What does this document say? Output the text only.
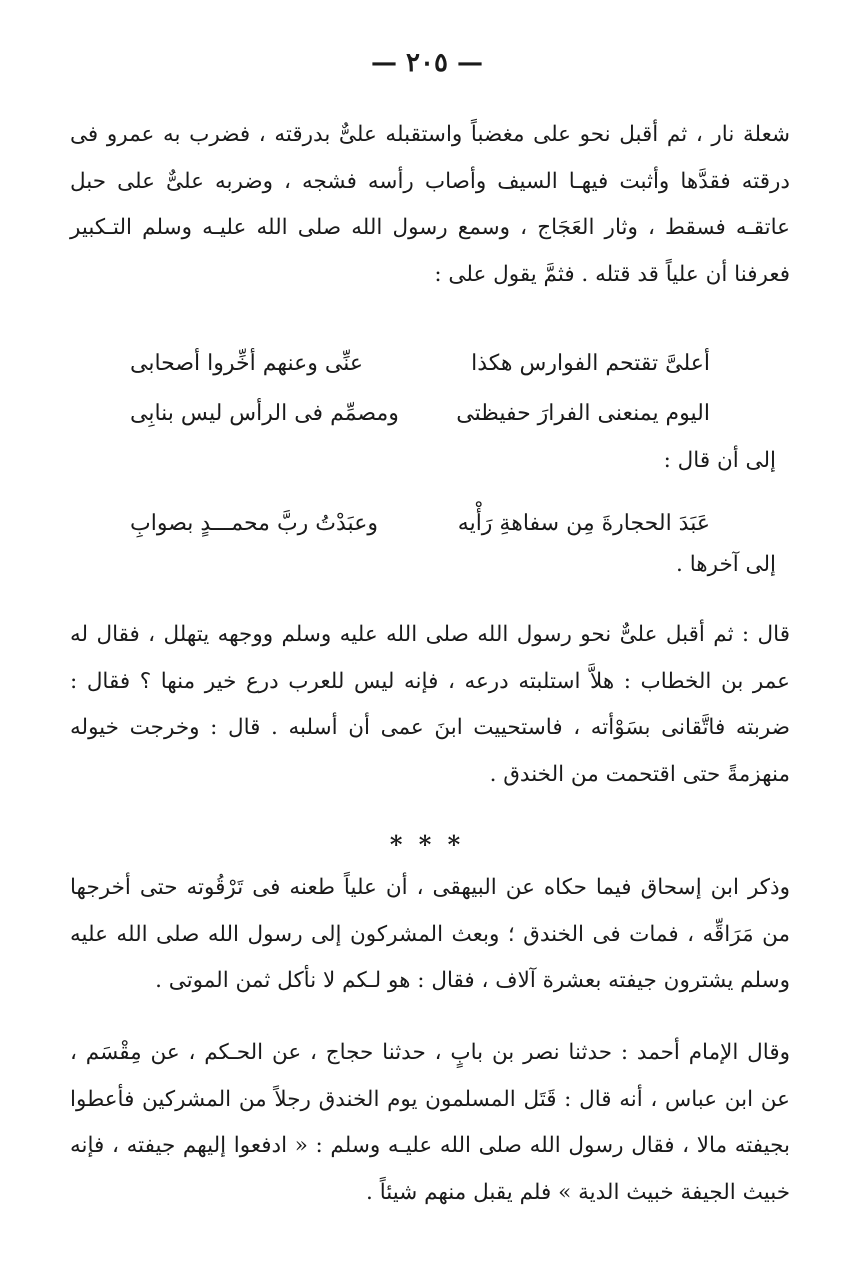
— ٢٠٥ —

شعلة نار ، ثم أقبل نحو على مغضباً واستقبله علىٌّ بدرقته ، فضرب به عمرو فى درقته فقدَّها وأثبت فيهـا السيف وأصاب رأسه فشجه ، وضربه علىٌّ على حبل عاتقـه فسقط ، وثار العَجَاج ، وسمع رسول الله صلى الله عليـه وسلم التـكبير فعرفنا أن علياً قد قتله . فثمَّ يقول على :

أعلىَّ تقتحم الفوارس هكذا
عنِّى وعنهم أخِّروا أصحابى
اليوم يمنعنى الفرارَ حفيظتى
ومصمِّم فى الرأس ليس بنابِى
إلى أن قال :
عَبَدَ الحجارةَ مِن سفاهةِ رَأْيه
وعبَدْتُ ربَّ محمـــدٍ بصوابِ
إلى آخرها .

قال : ثم أقبل علىٌّ نحو رسول الله صلى الله عليه وسلم ووجهه يتهلل ، فقال له عمر بن الخطاب : هلاَّ استلبته درعه ، فإنه ليس للعرب درع خير منها ؟ فقال : ضربته فاتَّقانى بسَوْأته ، فاستحييت ابنَ عمى أن أسلبه . قال : وخرجت خيوله منهزمةً حتى اقتحمت من الخندق .

* * *

وذكر ابن إسحاق فيما حكاه عن البيهقى ، أن علياً طعنه فى تَرْقُوته حتى أخرجها من مَرَاقِّه ، فمات فى الخندق ؛ وبعث المشركون إلى رسول الله صلى الله عليه وسلم يشترون جيفته بعشرة آلاف ، فقال : هو لـكم لا نأكل ثمن الموتى .

وقال الإمام أحمد : حدثنا نصر بن بابٍ ، حدثنا حجاج ، عن الحـكم ، عن مِقْسَم ، عن ابن عباس ، أنه قال : قَتَل المسلمون يوم الخندق رجلاً من المشركين فأعطوا بجيفته مالا ، فقال رسول الله صلى الله عليـه وسلم : « ادفعوا إليهم جيفته ، فإنه خبيث الجيفة خبيث الدية » فلم يقبل منهم شيئاً .
